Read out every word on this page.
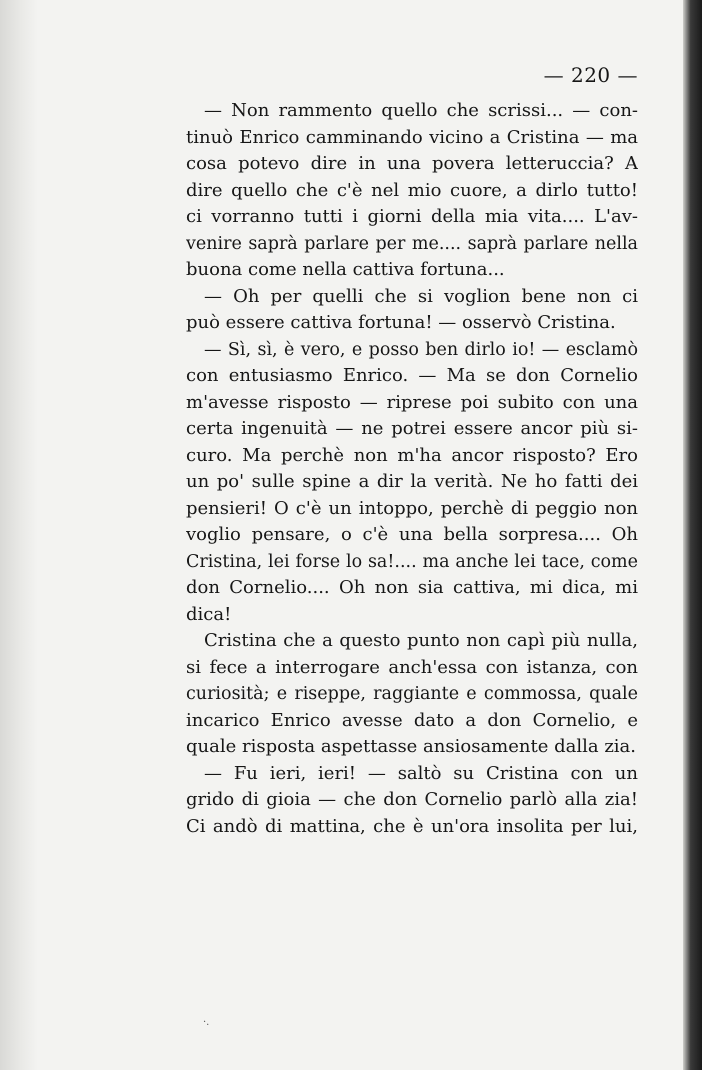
— 220 —
— Non rammento quello che scrissi... — con-
tinuò Enrico camminando vicino a Cristina — ma
cosa potevo dire in una povera letteruccia? A
dire quello che c'è nel mio cuore, a dirlo tutto!
ci vorranno tutti i giorni della mia vita.... L'av-
venire saprà parlare per me.... saprà parlare nella
buona come nella cattiva fortuna...
— Oh per quelli che si voglion bene non ci
può essere cattiva fortuna! — osservò Cristina.
— Sì, sì, è vero, e posso ben dirlo io! — esclamò
con entusiasmo Enrico. — Ma se don Cornelio
m'avesse risposto — riprese poi subito con una
certa ingenuità — ne potrei essere ancor più si-
curo. Ma perchè non m'ha ancor risposto? Ero
un po' sulle spine a dir la verità. Ne ho fatti dei
pensieri! O c'è un intoppo, perchè di peggio non
voglio pensare, o c'è una bella sorpresa.... Oh
Cristina, lei forse lo sa!.... ma anche lei tace, come
don Cornelio.... Oh non sia cattiva, mi dica, mi
dica!
Cristina che a questo punto non capì più nulla,
si fece a interrogare anch'essa con istanza, con
curiosità; e riseppe, raggiante e commossa, quale
incarico Enrico avesse dato a don Cornelio, e
quale risposta aspettasse ansiosamente dalla zia.
— Fu ieri, ieri! — saltò su Cristina con un
grido di gioia — che don Cornelio parlò alla zia!
Ci andò di mattina, che è un'ora insolita per lui,
·.
